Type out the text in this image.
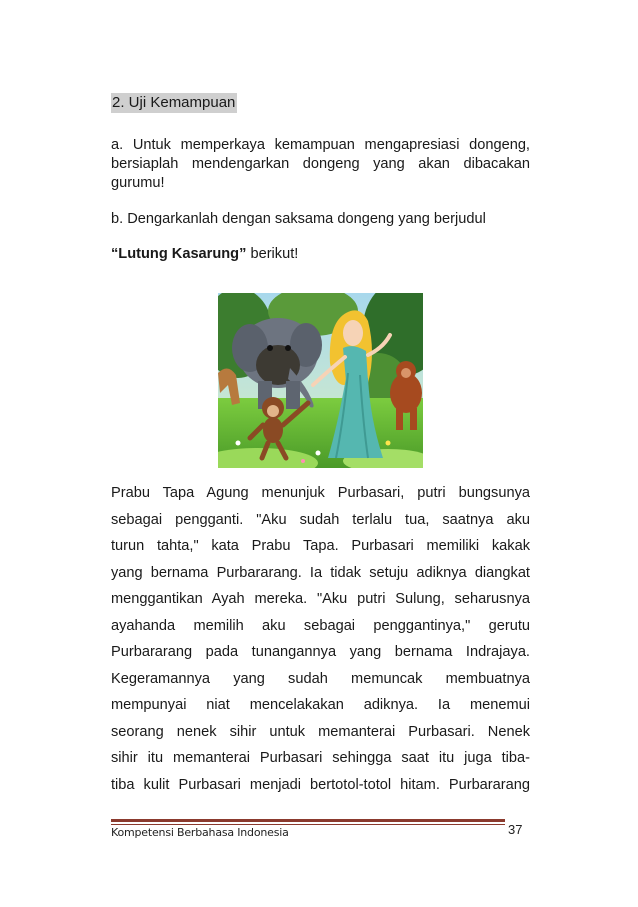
2. Uji Kemampuan
a. Untuk memperkaya kemampuan mengapresiasi dongeng, bersiaplah mendengarkan dongeng yang akan dibacakan gurumu!
b. Dengarkanlah dengan saksama dongeng yang berjudul
“Lutung Kasarung” berikut!
Prabu Tapa Agung menunjuk Purbasari, putri bungsunya
sebagai pengganti. "Aku sudah terlalu tua, saatnya aku
turun tahta," kata Prabu Tapa. Purbasari memiliki kakak
yang bernama Purbararang. Ia tidak setuju adiknya diangkat
menggantikan Ayah mereka. "Aku putri Sulung, seharusnya
ayahanda memilih aku sebagai penggantinya," gerutu
Purbararang pada tunangannya yang bernama Indrajaya.
Kegeramannya yang sudah memuncak membuatnya
mempunyai niat mencelakakan adiknya. Ia menemui
seorang nenek sihir untuk memanterai Purbasari. Nenek
sihir itu memanterai Purbasari sehingga saat itu juga tiba-
tiba kulit Purbasari menjadi bertotol-totol hitam. Purbararang
Kompetensi Berbahasa Indonesia	37
